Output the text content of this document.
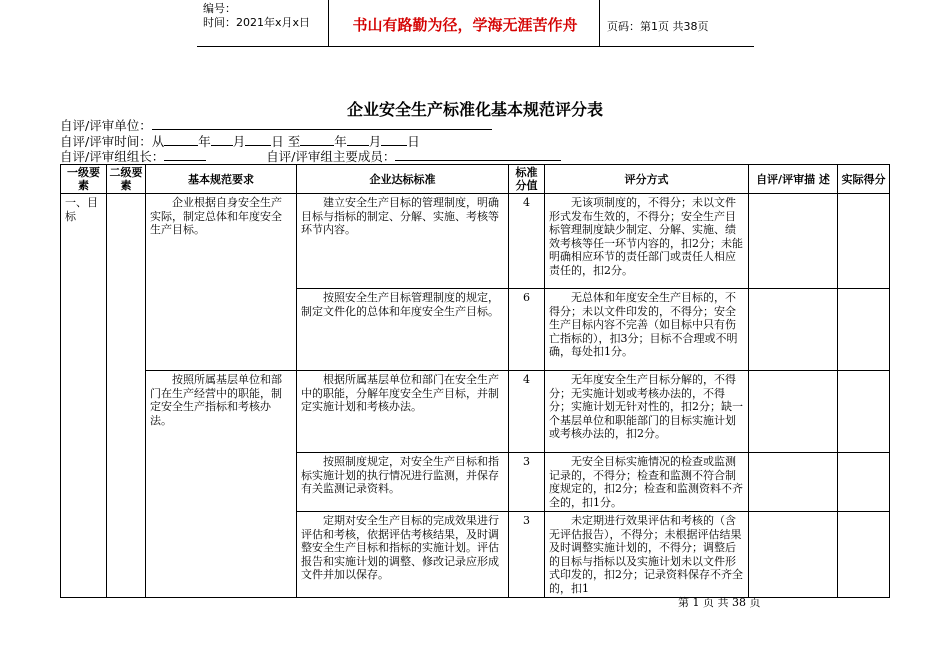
编号：
时间：2021年x月x日	书山有路勤为径，学海无涯苦作舟	页码：第1页 共38页
企业安全生产标准化基本规范评分表
自评/评审单位：
自评/评审时间：从	年 月 日 至	年 月 日
自评/评审组组长：	自评/评审组主要成员：
一级要素	二级要素	基本规范要求	企业达标标准	标准分值	评分方式	自评/评审描 述	实际得分
一、目标		企业根据自身安全生产实际，制定总体和年度安全生产目标。	建立安全生产目标的管理制度，明确目标与指标的制定、分解、实施、考核等环节内容。	4	无该项制度的，不得分；未以文件形式发布生效的，不得分；安全生产目标管理制度缺少制定、分解、实施、绩效考核等任一环节内容的，扣2分；未能明确相应环节的责任部门或责任人相应责任的，扣2分。		
			按照安全生产目标管理制度的规定，制定文件化的总体和年度安全生产目标。	6	无总体和年度安全生产目标的，不得分；未以文件印发的，不得分；安全生产目标内容不完善（如目标中只有伤亡指标的），扣3分；目标不合理或不明确，每处扣1分。		
		按照所属基层单位和部门在生产经营中的职能，制定安全生产指标和考核办法。	根据所属基层单位和部门在安全生产中的职能，分解年度安全生产目标，并制定实施计划和考核办法。	4	无年度安全生产目标分解的，不得分；无实施计划或考核办法的，不得分；实施计划无针对性的，扣2分；缺一个基层单位和职能部门的目标实施计划或考核办法的，扣2分。		
			按照制度规定，对安全生产目标和指标实施计划的执行情况进行监测，并保存有关监测记录资料。	3	无安全目标实施情况的检查或监测记录的，不得分；检查和监测不符合制度规定的，扣2分；检查和监测资料不齐全的，扣1分。		
			定期对安全生产目标的完成效果进行评估和考核，依据评估考核结果，及时调整安全生产目标和指标的实施计划。评估报告和实施计划的调整、修改记录应形成文件并加以保存。	3	未定期进行效果评估和考核的（含无评估报告），不得分；未根据评估结果及时调整实施计划的，不得分；调整后的目标与指标以及实施计划未以文件形式印发的，扣2分；记录资料保存不齐全的，扣1		
第 1 页 共 38 页
